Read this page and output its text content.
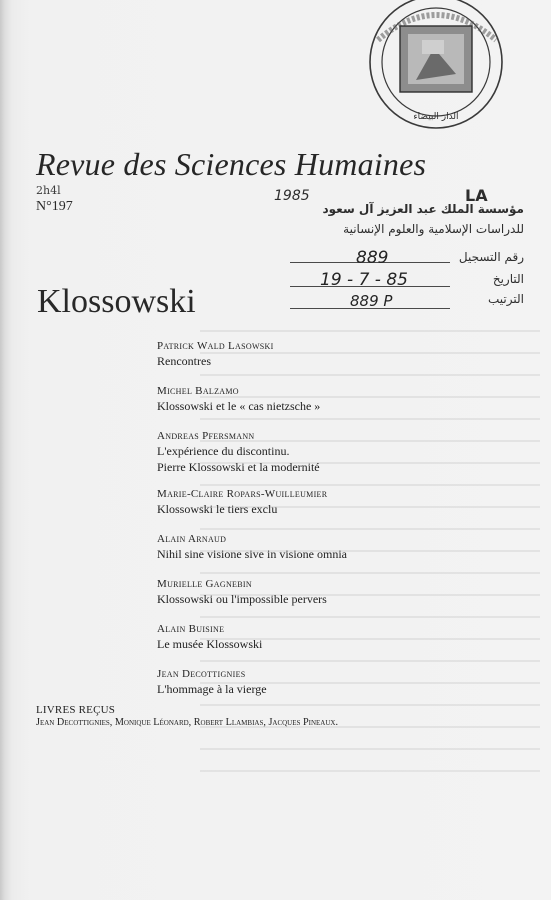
الدار البيضاء
Revue des Sciences Humaines
2h4l
N°197
1985	LA
مؤسسة الملك عبد العزيز آل سعود
للدراسات الإسلامية والعلوم الإنسانية
رقم التسجيل
التاريخ
الترتيب
889
19 - 7 - 85
889 P
Klossowski
Patrick Wald Lasowski
Rencontres
Michel Balzamo
Klossowski et le « cas nietzsche »
Andreas Pfersmann
L'expérience du discontinu.
Pierre Klossowski et la modernité
Marie-Claire Ropars-Wuilleumier
Klossowski le tiers exclu
Alain Arnaud
Nihil sine visione sive in visione omnia
Murielle Gagnebin
Klossowski ou l'impossible pervers
Alain Buisine
Le musée Klossowski
Jean Decottignies
L'hommage à la vierge
LIVRES REÇUS
Jean Decottignies, Monique Léonard, Robert Llambias, Jacques Pineaux.
